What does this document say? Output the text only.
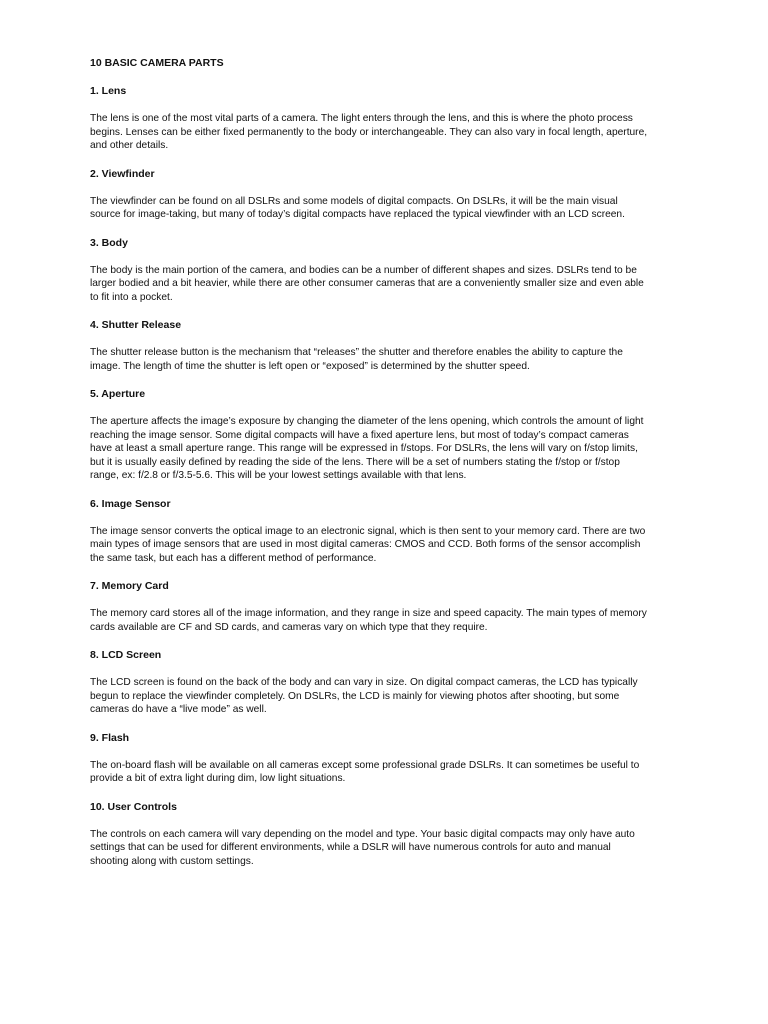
10 BASIC CAMERA PARTS
1. Lens
The lens is one of the most vital parts of a camera. The light enters through the lens, and this is where the photo process
begins. Lenses can be either fixed permanently to the body or interchangeable. They can also vary in focal length, aperture,
and other details.
2. Viewfinder
The viewfinder can be found on all DSLRs and some models of digital compacts. On DSLRs, it will be the main visual
source for image-taking, but many of today’s digital compacts have replaced the typical viewfinder with an LCD screen.
3. Body
The body is the main portion of the camera, and bodies can be a number of different shapes and sizes. DSLRs tend to be
larger bodied and a bit heavier, while there are other consumer cameras that are a conveniently smaller size and even able
to fit into a pocket.
4. Shutter Release
The shutter release button is the mechanism that “releases” the shutter and therefore enables the ability to capture the
image. The length of time the shutter is left open or “exposed” is determined by the shutter speed.
5. Aperture
The aperture affects the image’s exposure by changing the diameter of the lens opening, which controls the amount of light
reaching the image sensor. Some digital compacts will have a fixed aperture lens, but most of today’s compact cameras
have at least a small aperture range. This range will be expressed in f/stops. For DSLRs, the lens will vary on f/stop limits,
but it is usually easily defined by reading the side of the lens. There will be a set of numbers stating the f/stop or f/stop
range, ex: f/2.8 or f/3.5-5.6. This will be your lowest settings available with that lens.
6. Image Sensor
The image sensor converts the optical image to an electronic signal, which is then sent to your memory card. There are two
main types of image sensors that are used in most digital cameras: CMOS and CCD. Both forms of the sensor accomplish
the same task, but each has a different method of performance.
7. Memory Card
The memory card stores all of the image information, and they range in size and speed capacity. The main types of memory
cards available are CF and SD cards, and cameras vary on which type that they require.
8. LCD Screen
The LCD screen is found on the back of the body and can vary in size. On digital compact cameras, the LCD has typically
begun to replace the viewfinder completely. On DSLRs, the LCD is mainly for viewing photos after shooting, but some
cameras do have a “live mode” as well.
9. Flash
The on-board flash will be available on all cameras except some professional grade DSLRs. It can sometimes be useful to
provide a bit of extra light during dim, low light situations.
10. User Controls
The controls on each camera will vary depending on the model and type. Your basic digital compacts may only have auto
settings that can be used for different environments, while a DSLR will have numerous controls for auto and manual
shooting along with custom settings.
